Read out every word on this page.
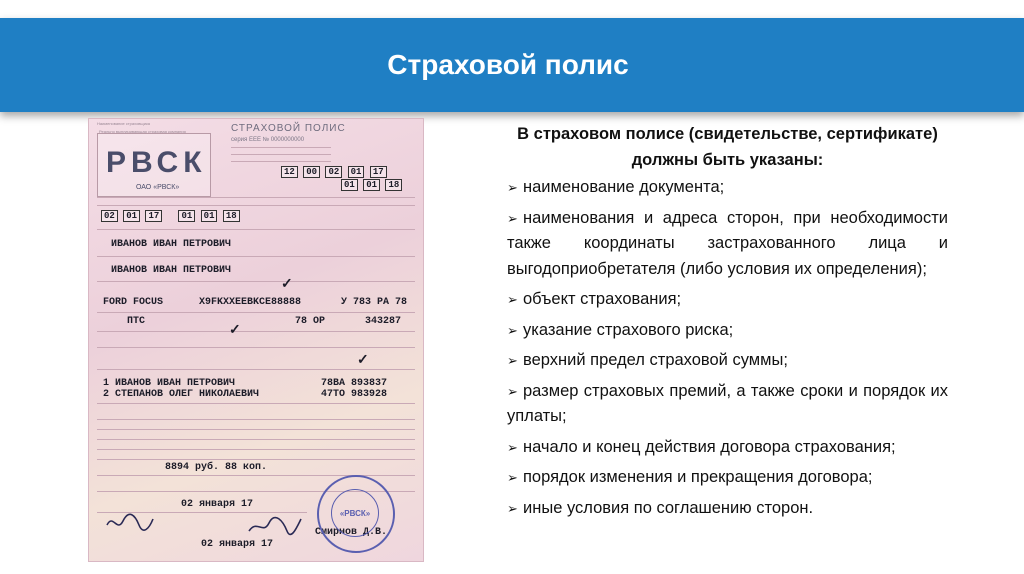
Страховой полис
Наименование страховщика
Реально выплачивающая страховая компания
РВСК
ОАО «РВСК»
СТРАХОВОЙ ПОЛИС
серия ЕЕЕ № 0000000000
12 00 02 01 17
01 01 18
02 01 17 01 01 18
ИВАНОВ ИВАН ПЕТРОВИЧ
ИВАНОВ ИВАН ПЕТРОВИЧ
✓
FORD FOCUS	X9FKXXEEBKCE88888	У 783 РА 78
ПТС	78 ОР	343287
✓
✓
1 ИВАНОВ ИВАН ПЕТРОВИЧ	78ВА 893837
2 СТЕПАНОВ ОЛЕГ НИКОЛАЕВИЧ	47ТО 983928
8894 руб. 88 коп.
02 января 17
02 января 17
Смирнов Д.В.
«РВСК»
В страховом полисе (свидетельстве, сертификате) должны быть указаны:
➢ наименование документа;
➢ наименования и адреса сторон, при необходимости также координаты застрахованного лица и выгодоприобретателя (либо условия их определения);
➢ объект страхования;
➢ указание страхового риска;
➢ верхний предел страховой суммы;
➢ размер страховых премий, а также сроки и порядок их уплаты;
➢ начало и конец действия договора страхования;
➢ порядок изменения и прекращения договора;
➢ иные условия по соглашению сторон.
